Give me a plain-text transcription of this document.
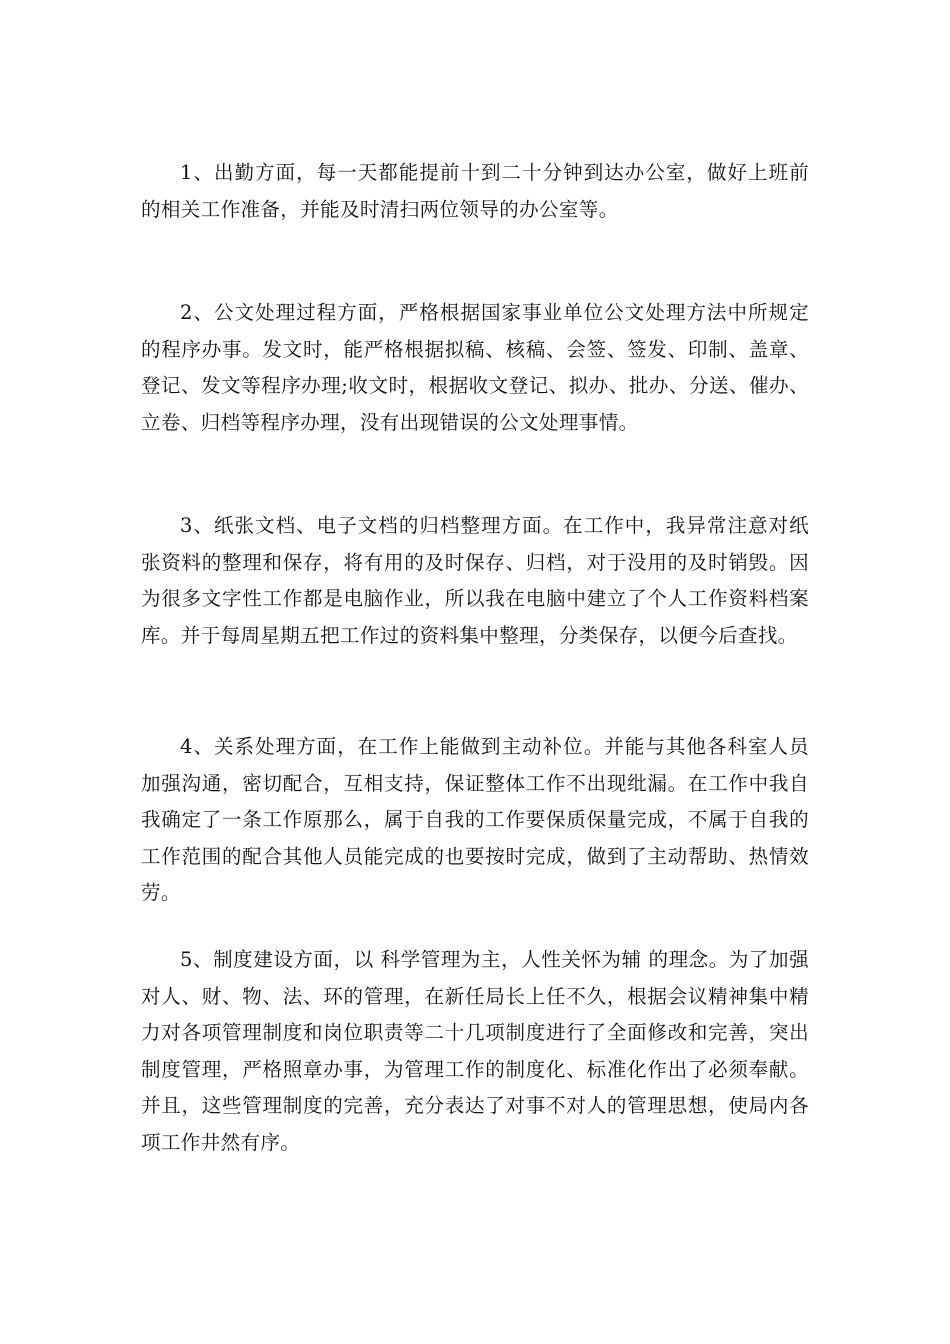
1、出勤方面，每一天都能提前十到二十分钟到达办公室，做好上班前的相关工作准备，并能及时清扫两位领导的办公室等。

2、公文处理过程方面，严格根据国家事业单位公文处理方法中所规定的程序办事。发文时，能严格根据拟稿、核稿、会签、签发、印制、盖章、登记、发文等程序办理;收文时，根据收文登记、拟办、批办、分送、催办、立卷、归档等程序办理，没有出现错误的公文处理事情。

3、纸张文档、电子文档的归档整理方面。在工作中，我异常注意对纸张资料的整理和保存，将有用的及时保存、归档，对于没用的及时销毁。因为很多文字性工作都是电脑作业，所以我在电脑中建立了个人工作资料档案库。并于每周星期五把工作过的资料集中整理，分类保存，以便今后查找。

4、关系处理方面，在工作上能做到主动补位。并能与其他各科室人员加强沟通，密切配合，互相支持，保证整体工作不出现纰漏。在工作中我自我确定了一条工作原那么，属于自我的工作要保质保量完成，不属于自我的工作范围的配合其他人员能完成的也要按时完成，做到了主动帮助、热情效劳。

5、制度建设方面，以 科学管理为主，人性关怀为辅 的理念。为了加强对人、财、物、法、环的管理，在新任局长上任不久，根据会议精神集中精力对各项管理制度和岗位职责等二十几项制度进行了全面修改和完善，突出制度管理，严格照章办事，为管理工作的制度化、标准化作出了必须奉献。并且，这些管理制度的完善，充分表达了对事不对人的管理思想，使局内各项工作井然有序。
